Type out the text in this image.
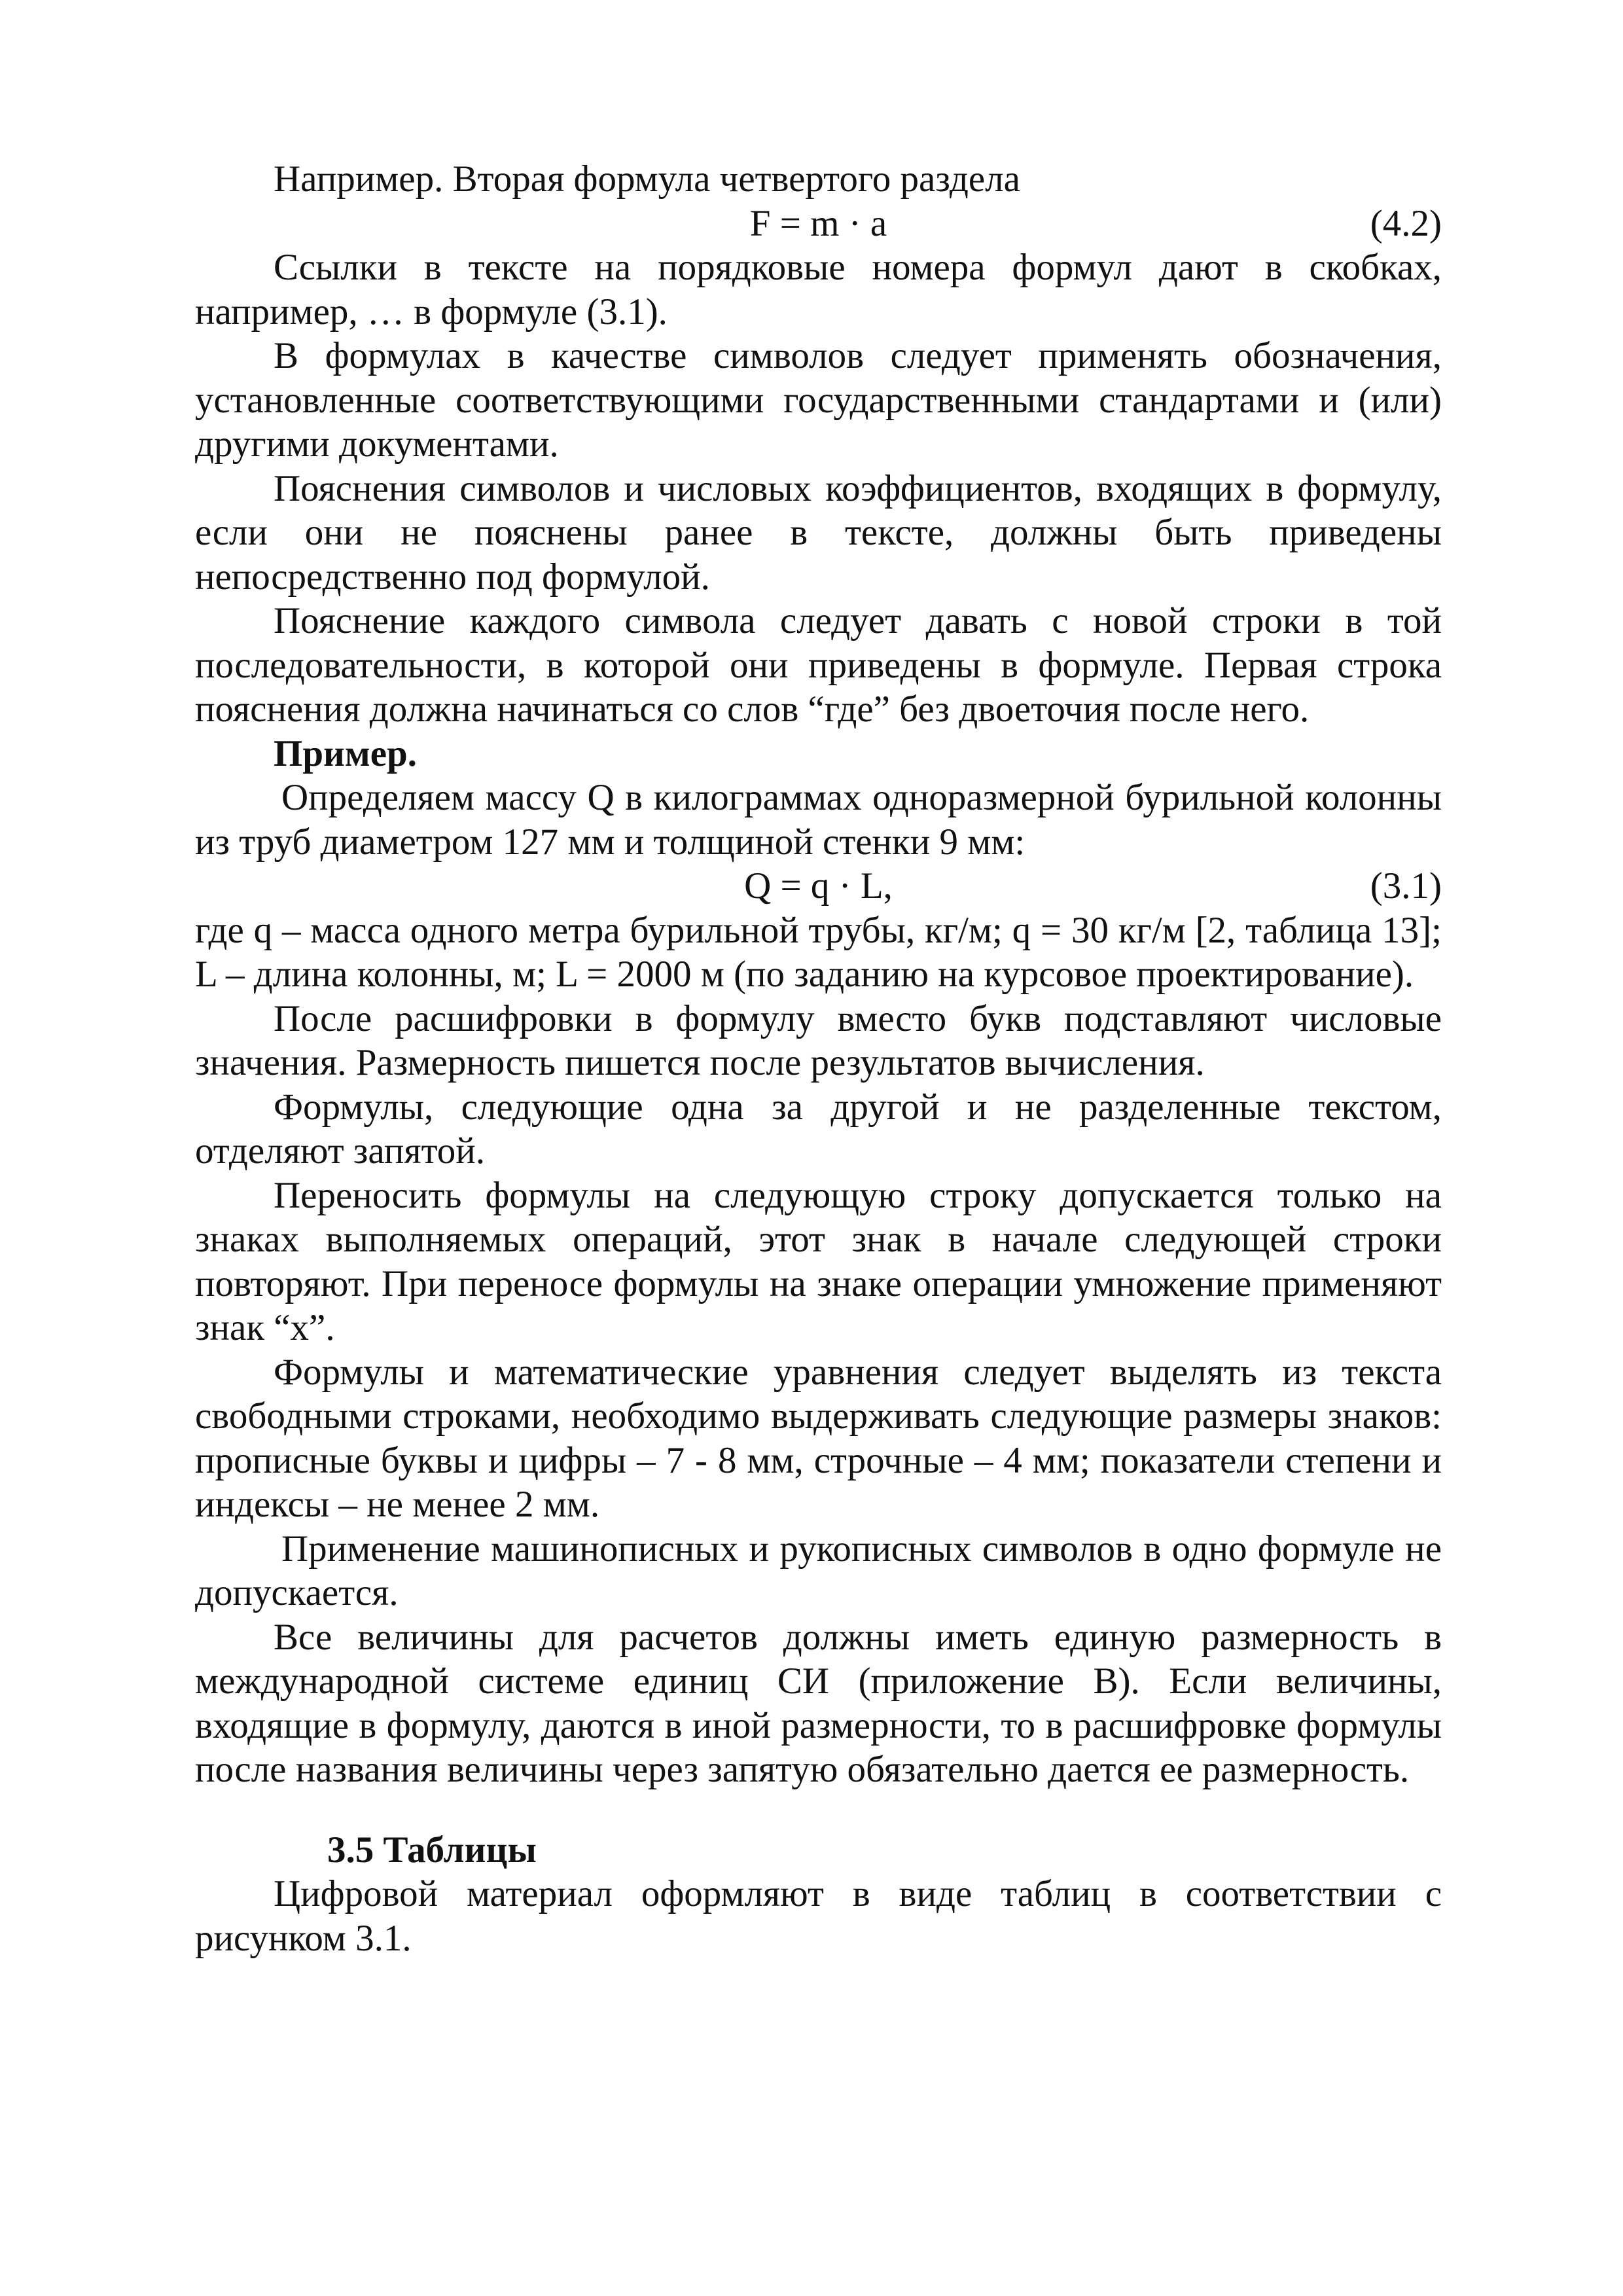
Например. Вторая формула четвертого раздела

F = m · a	(4.2)

Ссылки в тексте на порядковые номера формул дают в скобках, например, … в формуле (3.1).

В формулах в качестве символов следует применять обозначения, установленные соответствующими государственными стандартами и (или) другими документами.

Пояснения символов и числовых коэффициентов, входящих в формулу, если они не пояснены ранее в тексте, должны быть приведены непосредственно под формулой.

Пояснение каждого символа следует давать с новой строки в той последовательности, в которой они приведены в формуле. Первая строка пояснения должна начинаться со слов “где” без двоеточия после него.

Пример.

Определяем массу Q в килограммах одноразмерной бурильной колонны из труб диаметром 127 мм и толщиной стенки 9 мм:

Q = q · L,	(3.1)

где q – масса одного метра бурильной трубы, кг/м; q = 30 кг/м [2, таблица 13]; L – длина колонны, м; L = 2000 м (по заданию на курсовое проектирование).

После расшифровки в формулу вместо букв подставляют числовые значения. Размерность пишется после результатов вычисления.

Формулы, следующие одна за другой и не разделенные текстом, отделяют запятой.

Переносить формулы на следующую строку допускается только на знаках выполняемых операций, этот знак в начале следующей строки повторяют. При переносе формулы на знаке операции умножение применяют знак “х”.

Формулы и математические уравнения следует выделять из текста свободными строками, необходимо выдерживать следующие размеры знаков: прописные буквы и цифры – 7 - 8 мм, строчные – 4 мм; показатели степени и индексы – не менее 2 мм.

Применение машинописных и рукописных символов в одно формуле не допускается.

Все величины для расчетов должны иметь единую размерность в международной системе единиц СИ (приложение В). Если величины, входящие в формулу, даются в иной размерности, то в расшифровке формулы после названия величины через запятую обязательно дается ее размерность.

3.5 Таблицы

Цифровой материал оформляют в виде таблиц в соответствии с рисунком 3.1.
